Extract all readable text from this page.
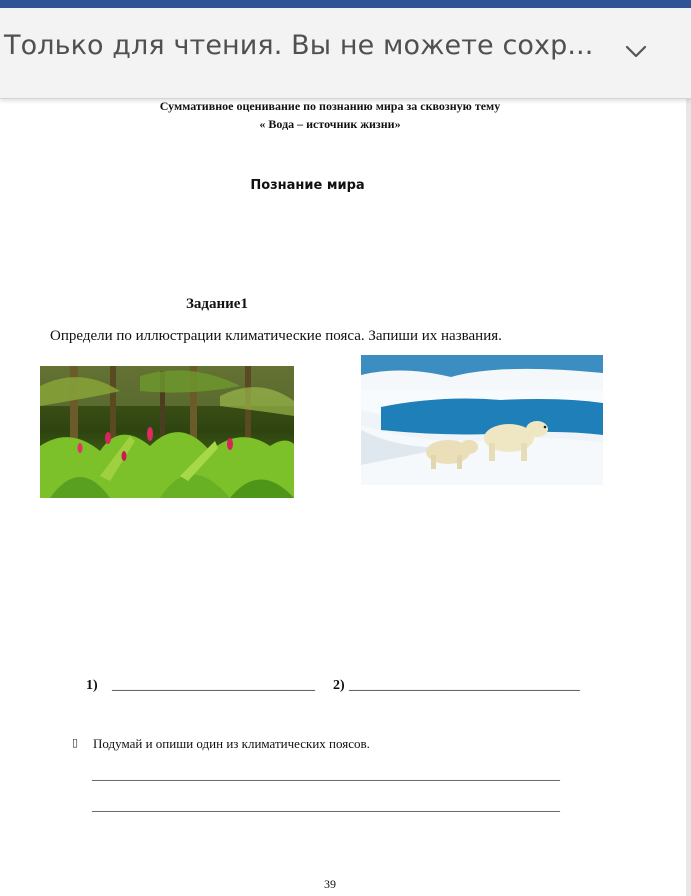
Только для чтения. Вы не можете сохр...
Суммативное оценивание по познанию мира за сквозную тему
« Вода – источник жизни»
Познание мира
Задание1
Определи по иллюстрации климатические пояса. Запиши их названия.
1) _____________________________ 2) _________________________________
▯ Подумай и опиши один из климатических поясов.
________________________________________________________________________
________________________________________________________________________
39
